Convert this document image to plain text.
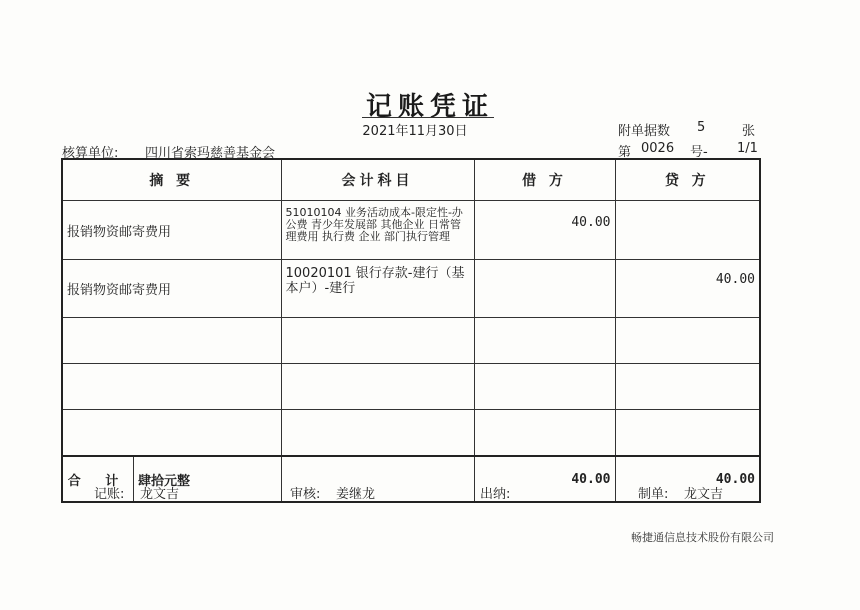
记账凭证
2021年11月30日
核算单位: 四川省索玛慈善基金会
附单据数 5	张
第 0026 号- 1/1
摘 要	会计科目	借 方	贷 方
报销物资邮寄费用	51010104 业务活动成本-限定性-办公费 青少年发展部 其他企业 日常管理费用 执行费 企业 部门执行管理	40.00	
报销物资邮寄费用	10020101 银行存款-建行（基本户）-建行		40.00

合 计 肆拾元整		40.00	40.00
记账: 龙文吉	审核: 姜继龙	出纳:	制单: 龙文吉
畅捷通信息技术股份有限公司
